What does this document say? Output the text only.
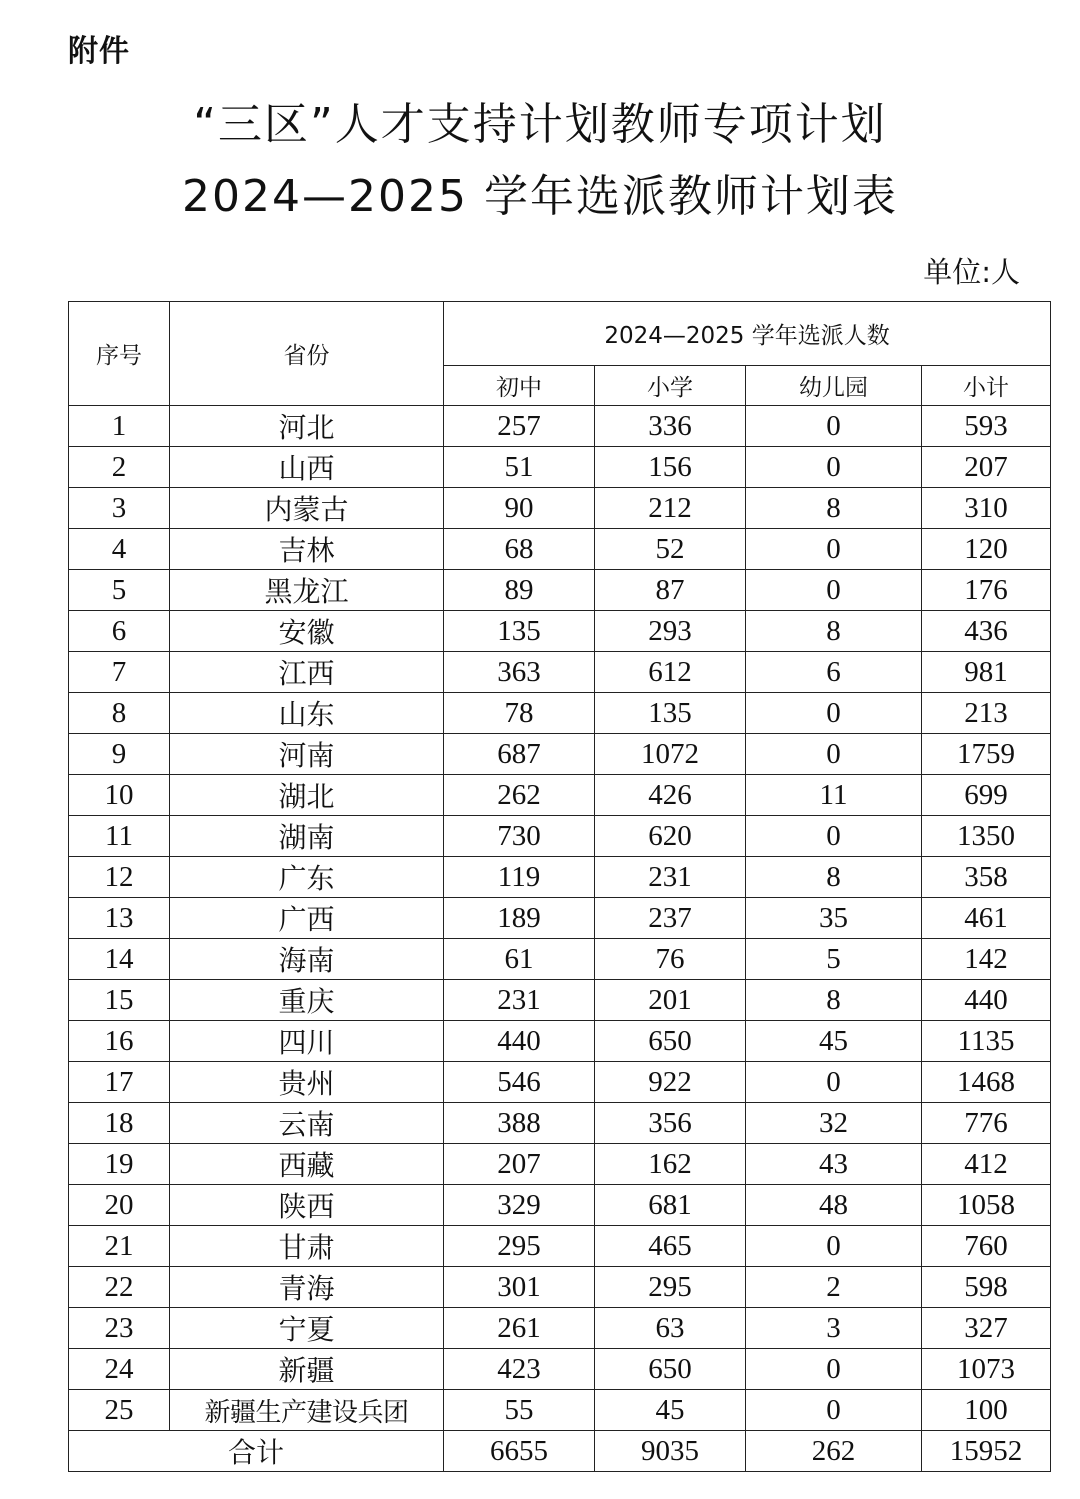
附件
“三区”人才支持计划教师专项计划
2024—2025 学年选派教师计划表
单位:人
序号	省份	2024—2025 学年选派人数			
		初中	小学	幼儿园	小计
1	河北	257	336	0	593
2	山西	51	156	0	207
3	内蒙古	90	212	8	310
4	吉林	68	52	0	120
5	黑龙江	89	87	0	176
6	安徽	135	293	8	436
7	江西	363	612	6	981
8	山东	78	135	0	213
9	河南	687	1072	0	1759
10	湖北	262	426	11	699
11	湖南	730	620	0	1350
12	广东	119	231	8	358
13	广西	189	237	35	461
14	海南	61	76	5	142
15	重庆	231	201	8	440
16	四川	440	650	45	1135
17	贵州	546	922	0	1468
18	云南	388	356	32	776
19	西藏	207	162	43	412
20	陕西	329	681	48	1058
21	甘肃	295	465	0	760
22	青海	301	295	2	598
23	宁夏	261	63	3	327
24	新疆	423	650	0	1073
25	新疆生产建设兵团	55	45	0	100
合计		6655	9035	262	15952
